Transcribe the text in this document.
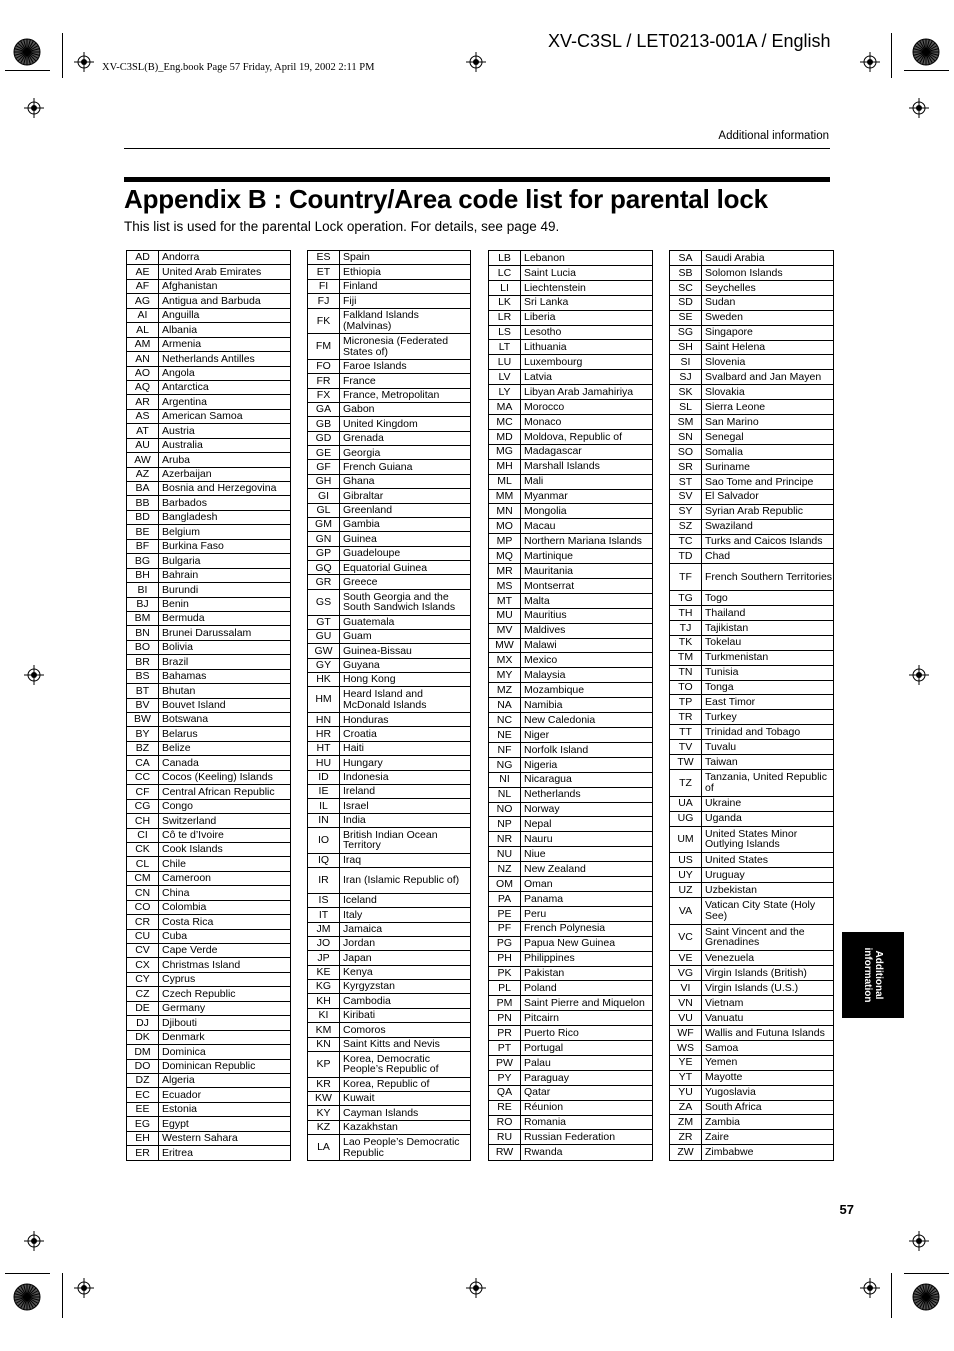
XV-C3SL / LET0213-001A / English
XV-C3SL(B)_Eng.book Page 57 Friday, April 19, 2002 2:11 PM
Additional information
Appendix B : Country/Area code list for parental lock
This list is used for the parental Lock operation. For details, see page 49.
AD	Andorra
AE	United Arab Emirates
AF	Afghanistan
AG	Antigua and Barbuda
AI	Anguilla
AL	Albania
AM	Armenia
AN	Netherlands Antilles
AO	Angola
AQ	Antarctica
AR	Argentina
AS	American Samoa
AT	Austria
AU	Australia
AW	Aruba
AZ	Azerbaijan
BA	Bosnia and Herzegovina
BB	Barbados
BD	Bangladesh
BE	Belgium
BF	Burkina Faso
BG	Bulgaria
BH	Bahrain
BI	Burundi
BJ	Benin
BM	Bermuda
BN	Brunei Darussalam
BO	Bolivia
BR	Brazil
BS	Bahamas
BT	Bhutan
BV	Bouvet Island
BW	Botswana
BY	Belarus
BZ	Belize
CA	Canada
CC	Cocos (Keeling) Islands
CF	Central African Republic
CG	Congo
CH	Switzerland
CI	Cô te d’Ivoire
CK	Cook Islands
CL	Chile
CM	Cameroon
CN	China
CO	Colombia
CR	Costa Rica
CU	Cuba
CV	Cape Verde
CX	Christmas Island
CY	Cyprus
CZ	Czech Republic
DE	Germany
DJ	Djibouti
DK	Denmark
DM	Dominica
DO	Dominican Republic
DZ	Algeria
EC	Ecuador
EE	Estonia
EG	Egypt
EH	Western Sahara
ER	Eritrea
ES	Spain
ET	Ethiopia
FI	Finland
FJ	Fiji
FK	Falkland Islands (Malvinas)
FM	Micronesia (Federated States of)
FO	Faroe Islands
FR	France
FX	France, Metropolitan
GA	Gabon
GB	United Kingdom
GD	Grenada
GE	Georgia
GF	French Guiana
GH	Ghana
GI	Gibraltar
GL	Greenland
GM	Gambia
GN	Guinea
GP	Guadeloupe
GQ	Equatorial Guinea
GR	Greece
GS	South Georgia and the South Sandwich Islands
GT	Guatemala
GU	Guam
GW	Guinea-Bissau
GY	Guyana
HK	Hong Kong
HM	Heard Island and McDonald Islands
HN	Honduras
HR	Croatia
HT	Haiti
HU	Hungary
ID	Indonesia
IE	Ireland
IL	Israel
IN	India
IO	British Indian Ocean Territory
IQ	Iraq
IR	Iran (Islamic Republic of)
IS	Iceland
IT	Italy
JM	Jamaica
JO	Jordan
JP	Japan
KE	Kenya
KG	Kyrgyzstan
KH	Cambodia
KI	Kiribati
KM	Comoros
KN	Saint Kitts and Nevis
KP	Korea, Democratic People’s Republic of
KR	Korea, Republic of
KW	Kuwait
KY	Cayman Islands
KZ	Kazakhstan
LA	Lao People’s Democratic Republic
LB	Lebanon
LC	Saint Lucia
LI	Liechtenstein
LK	Sri Lanka
LR	Liberia
LS	Lesotho
LT	Lithuania
LU	Luxembourg
LV	Latvia
LY	Libyan Arab Jamahiriya
MA	Morocco
MC	Monaco
MD	Moldova, Republic of
MG	Madagascar
MH	Marshall Islands
ML	Mali
MM	Myanmar
MN	Mongolia
MO	Macau
MP	Northern Mariana Islands
MQ	Martinique
MR	Mauritania
MS	Montserrat
MT	Malta
MU	Mauritius
MV	Maldives
MW	Malawi
MX	Mexico
MY	Malaysia
MZ	Mozambique
NA	Namibia
NC	New Caledonia
NE	Niger
NF	Norfolk Island
NG	Nigeria
NI	Nicaragua
NL	Netherlands
NO	Norway
NP	Nepal
NR	Nauru
NU	Niue
NZ	New Zealand
OM	Oman
PA	Panama
PE	Peru
PF	French Polynesia
PG	Papua New Guinea
PH	Philippines
PK	Pakistan
PL	Poland
PM	Saint Pierre and Miquelon
PN	Pitcairn
PR	Puerto Rico
PT	Portugal
PW	Palau
PY	Paraguay
QA	Qatar
RE	Réunion
RO	Romania
RU	Russian Federation
RW	Rwanda
SA	Saudi Arabia
SB	Solomon Islands
SC	Seychelles
SD	Sudan
SE	Sweden
SG	Singapore
SH	Saint Helena
SI	Slovenia
SJ	Svalbard and Jan Mayen
SK	Slovakia
SL	Sierra Leone
SM	San Marino
SN	Senegal
SO	Somalia
SR	Suriname
ST	Sao Tome and Principe
SV	El Salvador
SY	Syrian Arab Republic
SZ	Swaziland
TC	Turks and Caicos Islands
TD	Chad
TF	French Southern Territories
TG	Togo
TH	Thailand
TJ	Tajikistan
TK	Tokelau
TM	Turkmenistan
TN	Tunisia
TO	Tonga
TP	East Timor
TR	Turkey
TT	Trinidad and Tobago
TV	Tuvalu
TW	Taiwan
TZ	Tanzania, United Republic of
UA	Ukraine
UG	Uganda
UM	United States Minor Outlying Islands
US	United States
UY	Uruguay
UZ	Uzbekistan
VA	Vatican City State (Holy See)
VC	Saint Vincent and the Grenadines
VE	Venezuela
VG	Virgin Islands (British)
VI	Virgin Islands (U.S.)
VN	Vietnam
VU	Vanuatu
WF	Wallis and Futuna Islands
WS	Samoa
YE	Yemen
YT	Mayotte
YU	Yugoslavia
ZA	South Africa
ZM	Zambia
ZR	Zaire
ZW	Zimbabwe
Additional
information
57
